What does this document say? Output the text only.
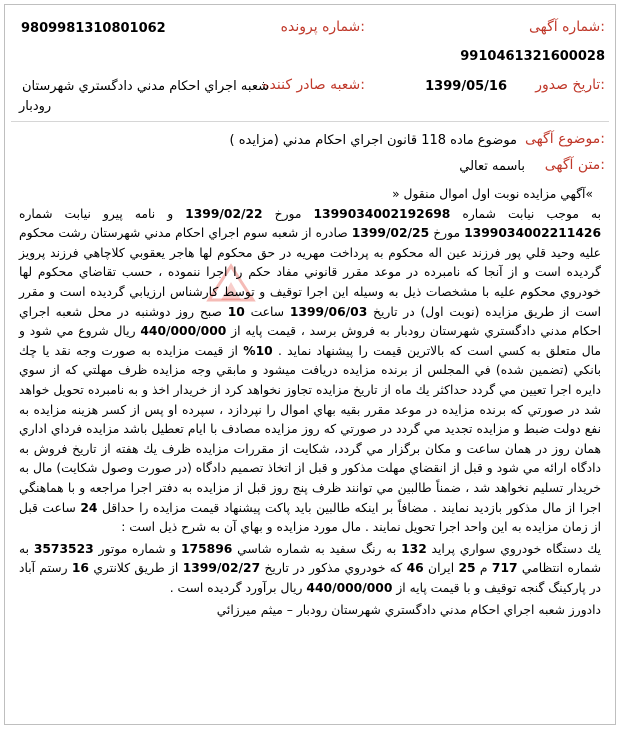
:شماره آگهی
:شماره پرونده
9809981310801062
9910461321600028
:تاریخ صدور
1399/05/16
:شعبه صادر کننده
شعبه اجراي احكام مدني دادگستري شهرستان
رودبار
:موضوع آگهی
موضوع ماده 118 قانون اجراي احكام مدني (مزايده )
:متن آگهی
باسمه تعالي

»آگهي مزايده نوبت اول اموال منقول «

به موجب نيابت شماره 1399034002192698 مورخ 1399/02/22 و نامه پيرو نيابت شماره 1399034002211426 مورخ 1399/02/25 صادره از شعبه سوم اجراي احكام مدني شهرستان رشت محكوم عليه وحيد قلي پور فرزند عين اله محكوم به پرداخت مهريه در حق محكوم لها هاجر يعقوبي كلاچاهي فرزند پرويز گرديده است و از آنجا كه نامبرده در موعد مقرر قانوني مفاد حكم را اجرا ننموده ، حسب تقاضاي محكوم لها خودروي محكوم عليه با مشخصات ذيل به وسيله اين اجرا توقيف و توسط كارشناس ارزيابي گرديده است و مقرر است از طريق مزايده (نوبت اول) در تاريخ 1399/06/03 ساعت 10 صبح روز دوشنبه در محل شعبه اجراي احكام مدني دادگستري شهرستان رودبار به فروش برسد ، قيمت پايه از 440/000/000 ريال شروع مي شود و مال متعلق به كسي است كه بالاترين قيمت را پيشنهاد نمايد . 10% از قيمت مزايده به صورت وجه نقد يا چك بانكي (تضمين شده) في المجلس از برنده مزايده دريافت ميشود و مابقي وجه مزايده ظرف مهلتي كه از سوي دايره اجرا تعيين مي گردد حداكثر يك ماه از تاريخ مزايده تجاوز نخواهد كرد از خريدار اخذ و به نامبرده تحويل خواهد شد در صورتي كه برنده مزايده در موعد مقرر بقيه بهاي اموال را نپردازد ، سپرده او پس از كسر هزينه مزايده به نفع دولت ضبط و مزايده تجديد مي گردد در صورتي كه روز مزايده مصادف با ايام تعطيل باشد مزايده فرداي اداري همان روز در همان ساعت و مكان برگزار مي گردد، شكايت از مقررات مزايده ظرف يك هفته از تاريخ فروش به دادگاه ارائه مي شود و قبل از انقضاي مهلت مذكور و قبل از اتخاذ تصميم دادگاه (در صورت وصول شكايت) مال به خريدار تسليم نخواهد شد ، ضمناً طالبين مي توانند ظرف پنج روز قبل از مزايده به دفتر اجرا مراجعه و با هماهنگي اجرا از مال مذكور بازديد نمايند . مضافاً بر اينكه طالبين بايد پاكت پيشنهاد قيمت مزايده را حداقل 24 ساعت قبل از زمان مزايده به اين واحد اجرا تحويل نمايند . مال مورد مزايده و بهاي آن به شرح ذيل است :

يك دستگاه خودروي سواري پرايد 132 به رنگ سفيد به شماره شاسي 175896 و شماره موتور 3573523 به شماره انتظامي 717 م 25 ايران 46 كه خودروي مذكور در تاريخ 1399/02/27 از طريق كلانتري 16 رستم آباد در پاركينگ گنجه توقيف و با قيمت پايه از 440/000/000 ريال برآورد گرديده است .

دادورز شعبه اجراي احكام مدني دادگستري شهرستان رودبار – ميثم ميرزائي
